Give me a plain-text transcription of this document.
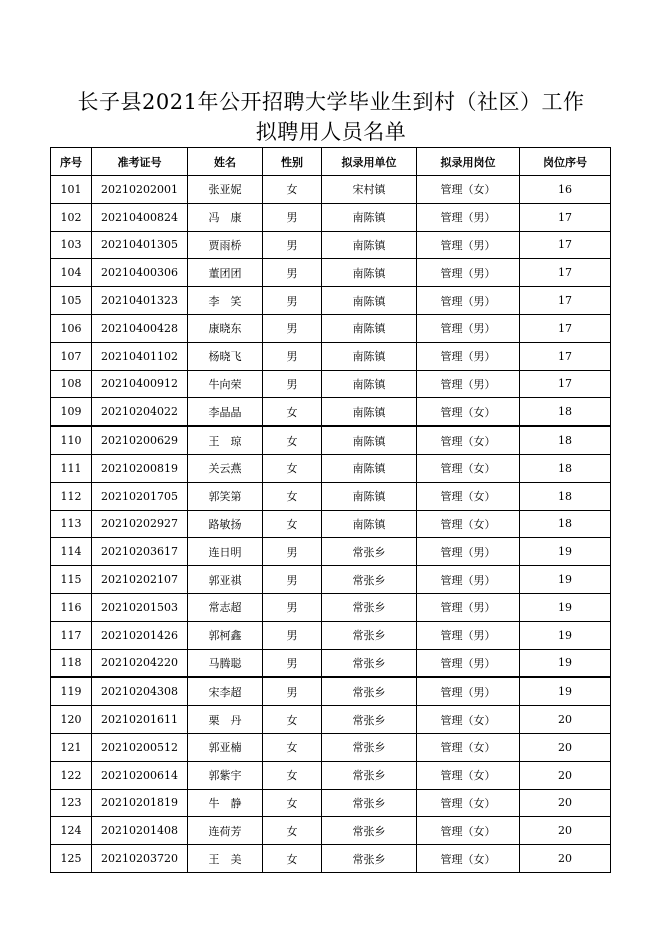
长子县2021年公开招聘大学毕业生到村（社区）工作
拟聘用人员名单
序号	准考证号	姓名	性别	拟录用单位	拟录用岗位	岗位序号
101	20210202001	张亚妮	女	宋村镇	管理（女）	16
102	20210400824	冯　康	男	南陈镇	管理（男）	17
103	20210401305	贾雨桥	男	南陈镇	管理（男）	17
104	20210400306	董团团	男	南陈镇	管理（男）	17
105	20210401323	李　笑	男	南陈镇	管理（男）	17
106	20210400428	康晓东	男	南陈镇	管理（男）	17
107	20210401102	杨晓飞	男	南陈镇	管理（男）	17
108	20210400912	牛向荣	男	南陈镇	管理（男）	17
109	20210204022	李晶晶	女	南陈镇	管理（女）	18
110	20210200629	王　琼	女	南陈镇	管理（女）	18
111	20210200819	关云燕	女	南陈镇	管理（女）	18
112	20210201705	郭笑第	女	南陈镇	管理（女）	18
113	20210202927	路敏扬	女	南陈镇	管理（女）	18
114	20210203617	连日明	男	常张乡	管理（男）	19
115	20210202107	郭亚祺	男	常张乡	管理（男）	19
116	20210201503	常志超	男	常张乡	管理（男）	19
117	20210201426	郭柯鑫	男	常张乡	管理（男）	19
118	20210204220	马腾聪	男	常张乡	管理（男）	19
119	20210204308	宋李超	男	常张乡	管理（男）	19
120	20210201611	栗　丹	女	常张乡	管理（女）	20
121	20210200512	郭亚楠	女	常张乡	管理（女）	20
122	20210200614	郭紫宇	女	常张乡	管理（女）	20
123	20210201819	牛　静	女	常张乡	管理（女）	20
124	20210201408	连荷芳	女	常张乡	管理（女）	20
125	20210203720	王　美	女	常张乡	管理（女）	20
